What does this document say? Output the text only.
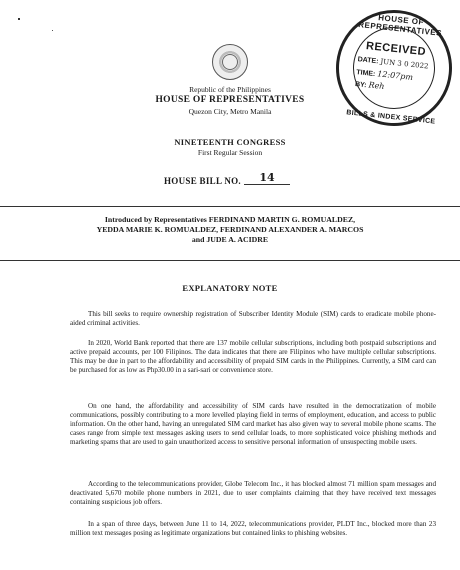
Republic of the Philippines
HOUSE OF REPRESENTATIVES
Quezon City, Metro Manila
NINETEENTH CONGRESS
First Regular Session
HOUSE BILL NO.	14
HOUSE OF REPRESENTATIVES
RECEIVED
DATE: JUN 3 0 2022
TIME: 12:07pm
BY: Reh
BILLS & INDEX SERVICE
Introduced by Representatives FERDINAND MARTIN G. ROMUALDEZ,
YEDDA MARIE K. ROMUALDEZ, FERDINAND ALEXANDER A. MARCOS
and JUDE A. ACIDRE
EXPLANATORY NOTE
This bill seeks to require ownership registration of Subscriber Identity Module (SIM) cards to eradicate mobile phone-aided criminal activities.
In 2020, World Bank reported that there are 137 mobile cellular subscriptions, including both postpaid subscriptions and active prepaid accounts, per 100 Filipinos. The data indicates that there are Filipinos who have multiple cellular subscriptions. This may be due in part to the affordability and accessibility of prepaid SIM cards in the Philippines. Currently, a SIM card can be purchased for as low as Php30.00 in a sari-sari or convenience store.
On one hand, the affordability and accessibility of SIM cards have resulted in the democratization of mobile communications, possibly contributing to a more levelled playing field in terms of employment, education, and access to public information. On the other hand, having an unregulated SIM card market has also given way to several mobile phone scams. The cases range from simple text messages asking users to send cellular loads, to more sophisticated voice phishing methods and marketing spams that are used to gain unauthorized access to sensitive personal information of unsuspecting mobile users.
According to the telecommunications provider, Globe Telecom Inc., it has blocked almost 71 million spam messages and deactivated 5,670 mobile phone numbers in 2021, due to user complaints claiming that they have received text messages containing suspicious job offers.
In a span of three days, between June 11 to 14, 2022, telecommunications provider, PLDT Inc., blocked more than 23 million text messages posing as legitimate organizations but contained links to phishing websites.
